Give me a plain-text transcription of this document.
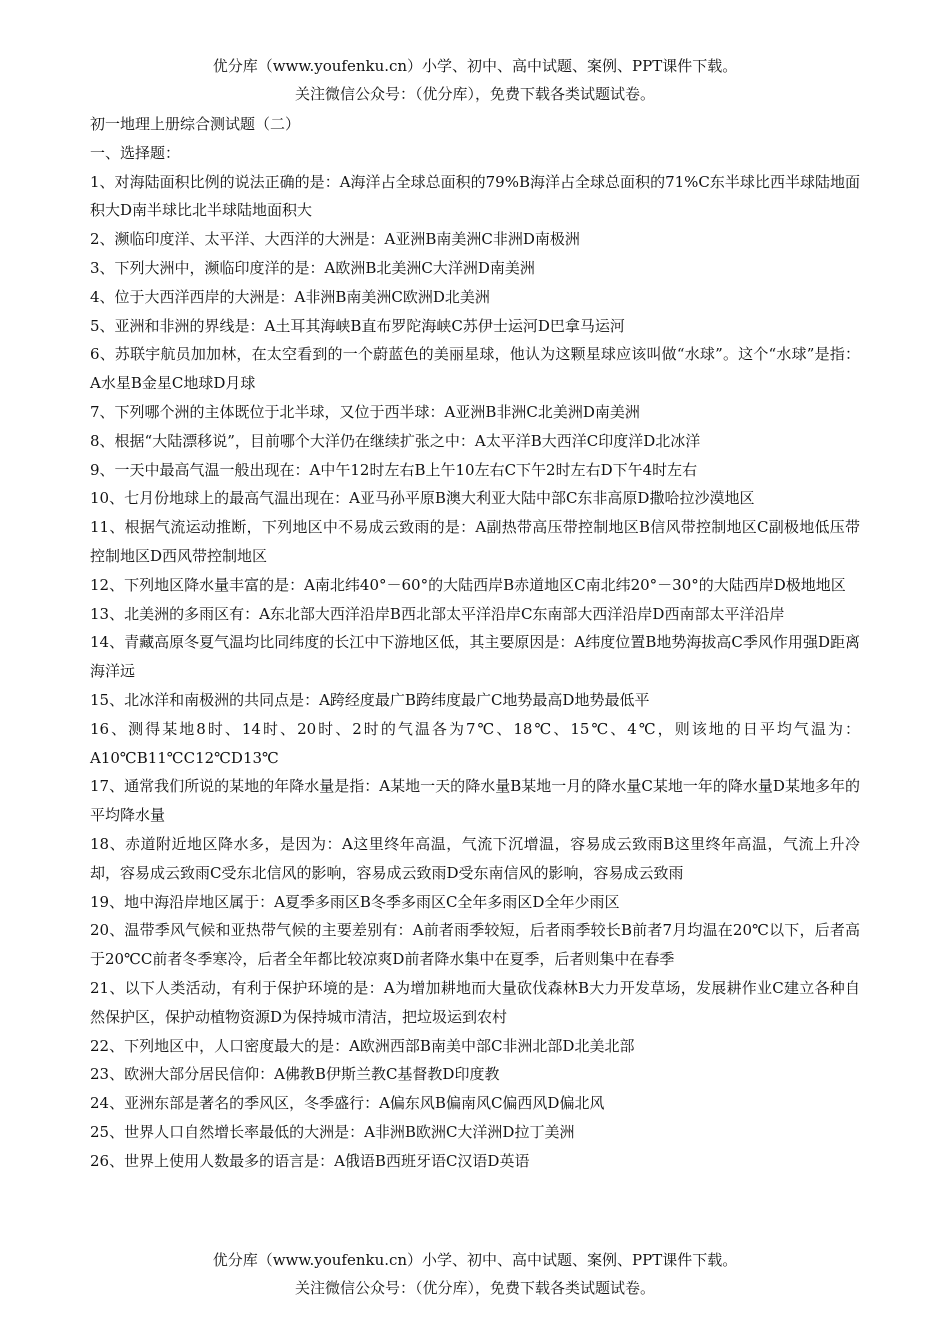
优分库（www.youfenku.cn）小学、初中、高中试题、案例、PPT课件下载。
关注微信公众号：（优分库），免费下载各类试题试卷。
初一地理上册综合测试题（二）
一、选择题：

1、对海陆面积比例的说法正确的是：A海洋占全球总面积的79%B海洋占全球总面积的71%C东半球比西半球陆地面积大D南半球比北半球陆地面积大

2、濒临印度洋、太平洋、大西洋的大洲是：A亚洲B南美洲C非洲D南极洲

3、下列大洲中，濒临印度洋的是：A欧洲B北美洲C大洋洲D南美洲

4、位于大西洋西岸的大洲是：A非洲B南美洲C欧洲D北美洲

5、亚洲和非洲的界线是：A土耳其海峡B直布罗陀海峡C苏伊士运河D巴拿马运河

6、苏联宇航员加加林，在太空看到的一个蔚蓝色的美丽星球，他认为这颗星球应该叫做“水球”。这个“水球”是指：A水星B金星C地球D月球

7、下列哪个洲的主体既位于北半球，又位于西半球：A亚洲B非洲C北美洲D南美洲

8、根据“大陆漂移说”，目前哪个大洋仍在继续扩张之中：A太平洋B大西洋C印度洋D北冰洋

9、一天中最高气温一般出现在：A中午12时左右B上午10左右C下午2时左右D下午4时左右

10、七月份地球上的最高气温出现在：A亚马孙平原B澳大利亚大陆中部C东非高原D撒哈拉沙漠地区

11、根据气流运动推断，下列地区中不易成云致雨的是：A副热带高压带控制地区B信风带控制地区C副极地低压带控制地区D西风带控制地区

12、下列地区降水量丰富的是：A南北纬40°－60°的大陆西岸B赤道地区C南北纬20°－30°的大陆西岸D极地地区

13、北美洲的多雨区有：A东北部大西洋沿岸B西北部太平洋沿岸C东南部大西洋沿岸D西南部太平洋沿岸

14、青藏高原冬夏气温均比同纬度的长江中下游地区低，其主要原因是：A纬度位置B地势海拔高C季风作用强D距离海洋远

15、北冰洋和南极洲的共同点是：A跨经度最广B跨纬度最广C地势最高D地势最低平

16、测得某地8时、14时、20时、2时的气温各为7℃、18℃、15℃、4℃，则该地的日平均气温为：A10℃B11℃C12℃D13℃

17、通常我们所说的某地的年降水量是指：A某地一天的降水量B某地一月的降水量C某地一年的降水量D某地多年的平均降水量

18、赤道附近地区降水多，是因为：A这里终年高温，气流下沉增温，容易成云致雨B这里终年高温，气流上升冷却，容易成云致雨C受东北信风的影响，容易成云致雨D受东南信风的影响，容易成云致雨

19、地中海沿岸地区属于：A夏季多雨区B冬季多雨区C全年多雨区D全年少雨区

20、温带季风气候和亚热带气候的主要差别有：A前者雨季较短，后者雨季较长B前者7月均温在20℃以下，后者高于20℃C前者冬季寒冷，后者全年都比较凉爽D前者降水集中在夏季，后者则集中在春季

21、以下人类活动，有利于保护环境的是：A为增加耕地而大量砍伐森林B大力开发草场，发展耕作业C建立各种自然保护区，保护动植物资源D为保持城市清洁，把垃圾运到农村

22、下列地区中，人口密度最大的是：A欧洲西部B南美中部C非洲北部D北美北部

23、欧洲大部分居民信仰：A佛教B伊斯兰教C基督教D印度教

24、亚洲东部是著名的季风区，冬季盛行：A偏东风B偏南风C偏西风D偏北风

25、世界人口自然增长率最低的大洲是：A非洲B欧洲C大洋洲D拉丁美洲

26、世界上使用人数最多的语言是：A俄语B西班牙语C汉语D英语

优分库（www.youfenku.cn）小学、初中、高中试题、案例、PPT课件下载。
关注微信公众号：（优分库），免费下载各类试题试卷。
